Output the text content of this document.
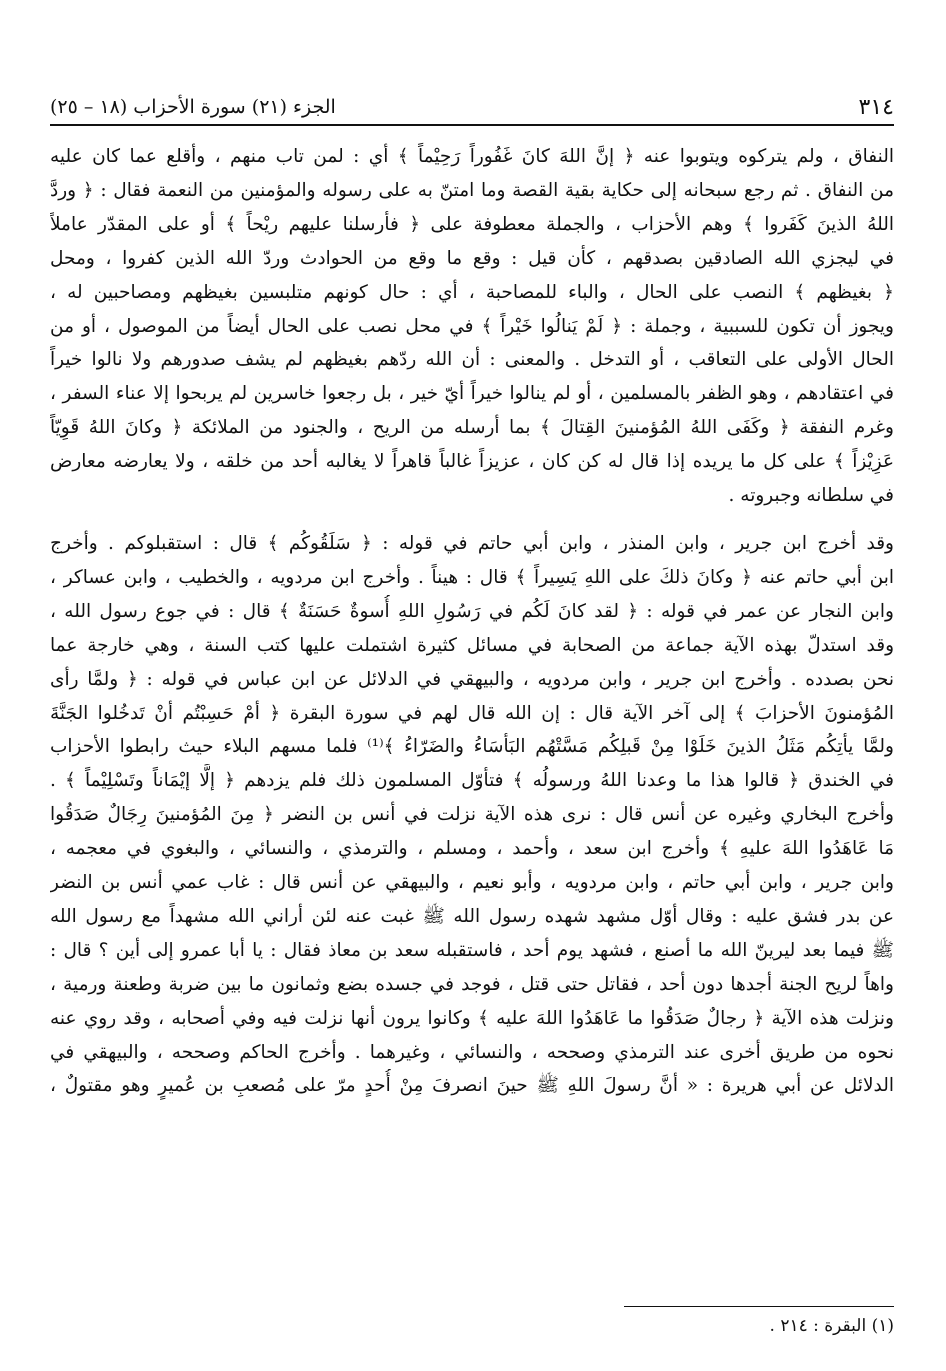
٣١٤
الجزء (٢١) سورة الأحزاب (١٨ – ٢٥)

النفاق ، ولم يتركوه ويتوبوا عنه ﴿ إنَّ اللهَ كانَ غَفُوراً رَحِيْماً ﴾ أي : لمن تاب منهم ، وأقلع عما كان عليه
من النفاق . ثم رجع سبحانه إلى حكاية بقية القصة وما امتنّ به على رسوله والمؤمنين من النعمة فقال : ﴿ وردَّ
اللهُ الذينَ كَفَروا ﴾ وهم الأحزاب ، والجملة معطوفة على ﴿ فأرسلنا عليهم ريْحاً ﴾ أو على المقدّر عاملاً
في ليجزي الله الصادقين بصدقهم ، كأن قيل : وقع ما وقع من الحوادث وردّ الله الذين كفروا ، ومحل
﴿ بغيظهم ﴾ النصب على الحال ، والباء للمصاحبة ، أي : حال كونهم متلبسين بغيظهم ومصاحبين له ،
ويجوز أن تكون للسببية ، وجملة : ﴿ لَمْ يَنالُوا خَيْراً ﴾ في محل نصب على الحال أيضاً من الموصول ، أو من
الحال الأولى على التعاقب ، أو التدخل . والمعنى : أن الله ردّهم بغيظهم لم يشف صدورهم ولا نالوا خيراً
في اعتقادهم ، وهو الظفر بالمسلمين ، أو لم ينالوا خيراً أيّ خير ، بل رجعوا خاسرين لم يربحوا إلا عناء السفر ،
وغرم النفقة ﴿ وكَفَى اللهُ المُؤمنينَ القِتالَ ﴾ بما أرسله من الريح ، والجنود من الملائكة ﴿ وكانَ اللهُ قَوِيّاً
عَزِيْزاً ﴾ على كل ما يريده إذا قال له كن كان ، عزيزاً غالباً قاهراً لا يغالبه أحد من خلقه ، ولا يعارضه معارض
في سلطانه وجبروته .

وقد أخرج ابن جرير ، وابن المنذر ، وابن أبي حاتم في قوله : ﴿ سَلَقُوكُم ﴾ قال : استقبلوكم . وأخرج
ابن أبي حاتم عنه ﴿ وكانَ ذلكَ على اللهِ يَسِيراً ﴾ قال : هيناً . وأخرج ابن مردويه ، والخطيب ، وابن عساكر ،
وابن النجار عن عمر في قوله : ﴿ لقد كانَ لَكُم في رَسُولِ اللهِ أُسوةٌ حَسَنَةٌ ﴾ قال : في جوع رسول الله ،
وقد استدلّ بهذه الآية جماعة من الصحابة في مسائل كثيرة اشتملت عليها كتب السنة ، وهي خارجة عما
نحن بصدده . وأخرج ابن جرير ، وابن مردويه ، والبيهقي في الدلائل عن ابن عباس في قوله : ﴿ ولمَّا رأى
المُؤمنونَ الأحزابَ ﴾ إلى آخر الآية قال : إن الله قال لهم في سورة البقرة ﴿ أمْ حَسِبْتُم أنْ تَدخُلوا الجَنَّةَ
ولمَّا يأتِكُم مَثَلُ الذينَ خَلَوْا مِنْ قَبلِكُم مَسَّتْهُم البَأسَاءُ والضَرّاءُ ﴾⁽¹⁾ فلما مسهم البلاء حيث رابطوا الأحزاب
في الخندق ﴿ قالوا هذا ما وعدنا اللهُ ورسولُه ﴾ فتأوّل المسلمون ذلك فلم يزدهم ﴿ إلَّا إيْمَاناً وتَسْلِيْماً ﴾ .
وأخرج البخاري وغيره عن أنس قال : نرى هذه الآية نزلت في أنس بن النضر ﴿ مِنَ المُؤمنينَ رِجَالٌ صَدَقُوا
مَا عَاهَدُوا اللهَ عليهِ ﴾ وأخرج ابن سعد ، وأحمد ، ومسلم ، والترمذي ، والنسائي ، والبغوي في معجمه ،
وابن جرير ، وابن أبي حاتم ، وابن مردويه ، وأبو نعيم ، والبيهقي عن أنس قال : غاب عمي أنس بن النضر
عن بدر فشق عليه : وقال أوّل مشهد شهده رسول الله ﷺ غبت عنه لئن أراني الله مشهداً مع رسول الله
ﷺ فيما بعد ليرينّ الله ما أصنع ، فشهد يوم أحد ، فاستقبله سعد بن معاذ فقال : يا أبا عمرو إلى أين ؟ قال :
واهاً لريح الجنة أجدها دون أحد ، فقاتل حتى قتل ، فوجد في جسده بضع وثمانون ما بين ضربة وطعنة ورمية ،
ونزلت هذه الآية ﴿ رجالٌ صَدَقُوا ما عَاهَدُوا اللهَ عليه ﴾ وكانوا يرون أنها نزلت فيه وفي أصحابه ، وقد روي عنه
نحوه من طريق أخرى عند الترمذي وصححه ، والنسائي ، وغيرهما . وأخرج الحاكم وصححه ، والبيهقي في
الدلائل عن أبي هريرة : « أنَّ رسولَ اللهِ ﷺ حينَ انصرفَ مِنْ أُحدٍ مرّ على مُصعبِ بن عُميرٍ وهو مقتولٌ ،

(١) البقرة : ٢١٤ .
